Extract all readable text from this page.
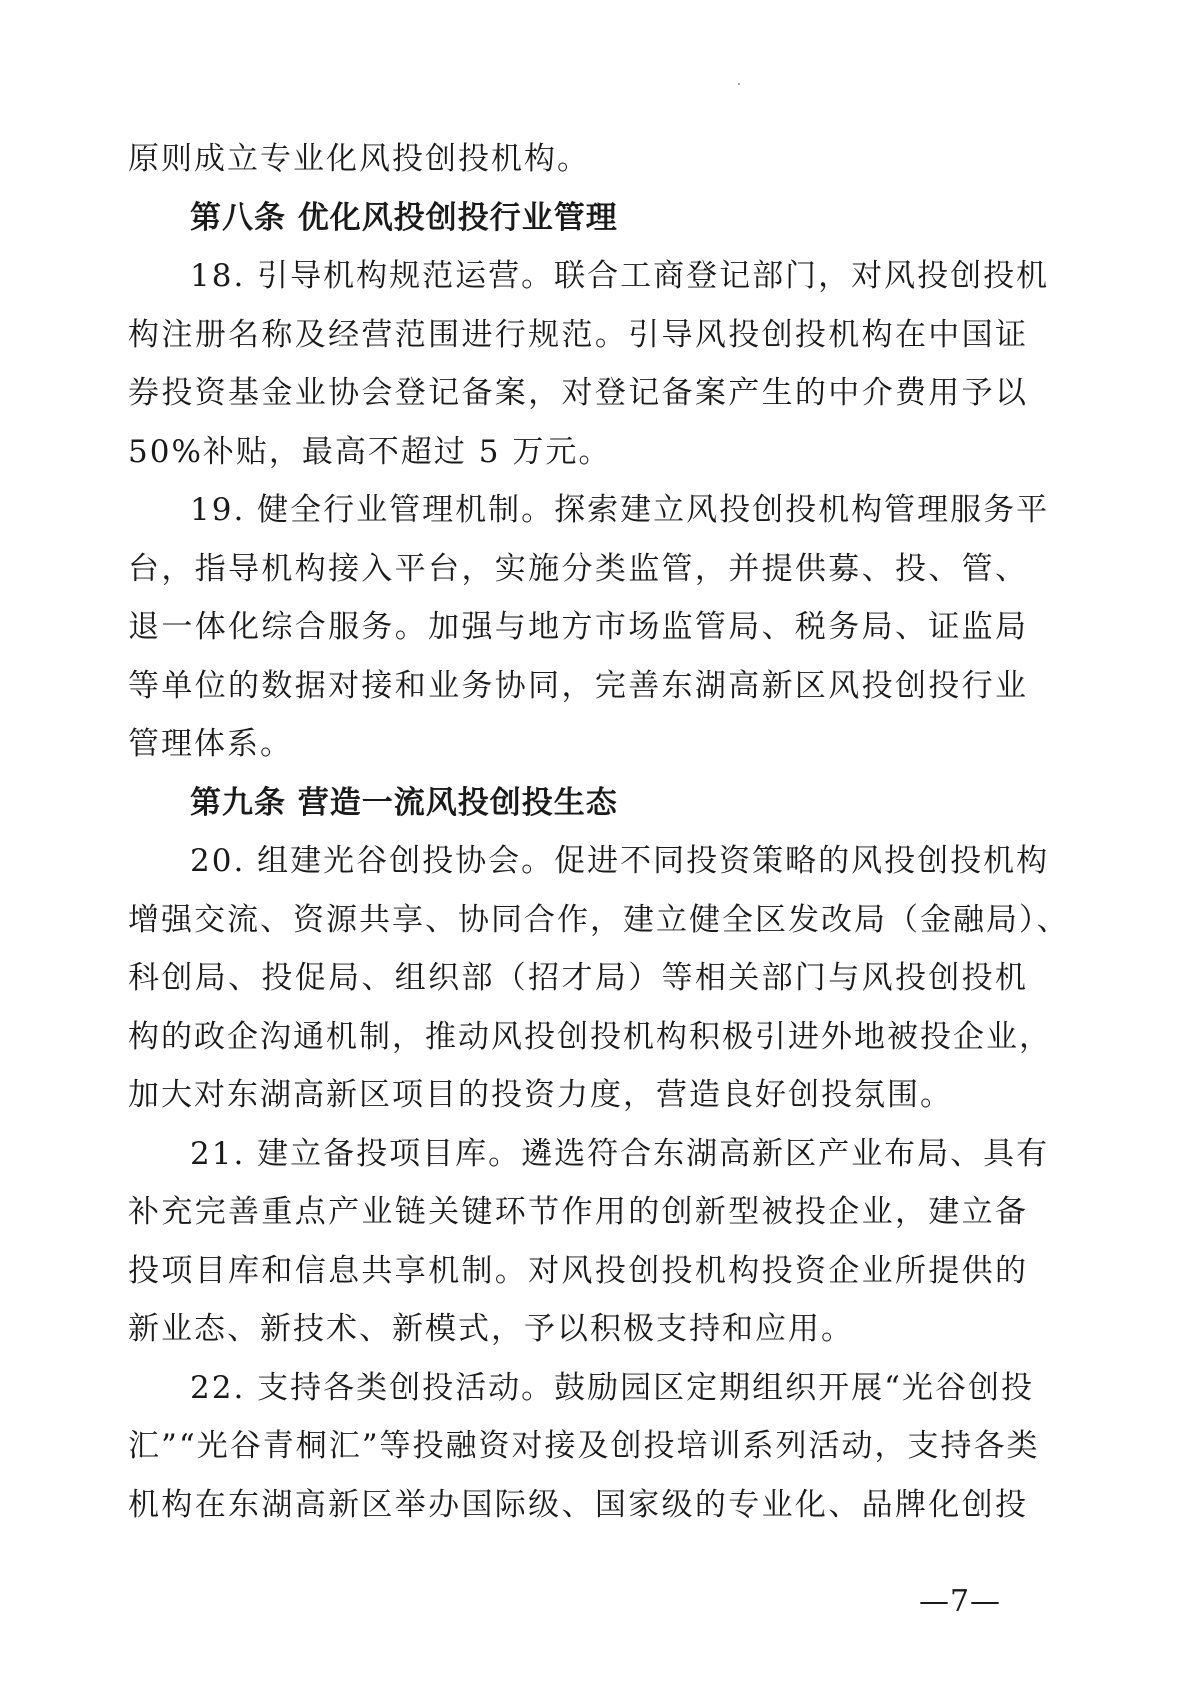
原则成立专业化风投创投机构。
第八条 优化风投创投行业管理
18. 引导机构规范运营。联合工商登记部门，对风投创投机
构注册名称及经营范围进行规范。引导风投创投机构在中国证
券投资基金业协会登记备案，对登记备案产生的中介费用予以
50%补贴，最高不超过 5 万元。
19. 健全行业管理机制。探索建立风投创投机构管理服务平
台，指导机构接入平台，实施分类监管，并提供募、投、管、
退一体化综合服务。加强与地方市场监管局、税务局、证监局
等单位的数据对接和业务协同，完善东湖高新区风投创投行业
管理体系。
第九条 营造一流风投创投生态
20. 组建光谷创投协会。促进不同投资策略的风投创投机构
增强交流、资源共享、协同合作，建立健全区发改局（金融局）、
科创局、投促局、组织部（招才局）等相关部门与风投创投机
构的政企沟通机制，推动风投创投机构积极引进外地被投企业，
加大对东湖高新区项目的投资力度，营造良好创投氛围。
21. 建立备投项目库。遴选符合东湖高新区产业布局、具有
补充完善重点产业链关键环节作用的创新型被投企业，建立备
投项目库和信息共享机制。对风投创投机构投资企业所提供的
新业态、新技术、新模式，予以积极支持和应用。
22. 支持各类创投活动。鼓励园区定期组织开展“光谷创投
汇”“光谷青桐汇”等投融资对接及创投培训系列活动，支持各类
机构在东湖高新区举办国际级、国家级的专业化、品牌化创投
—7—
